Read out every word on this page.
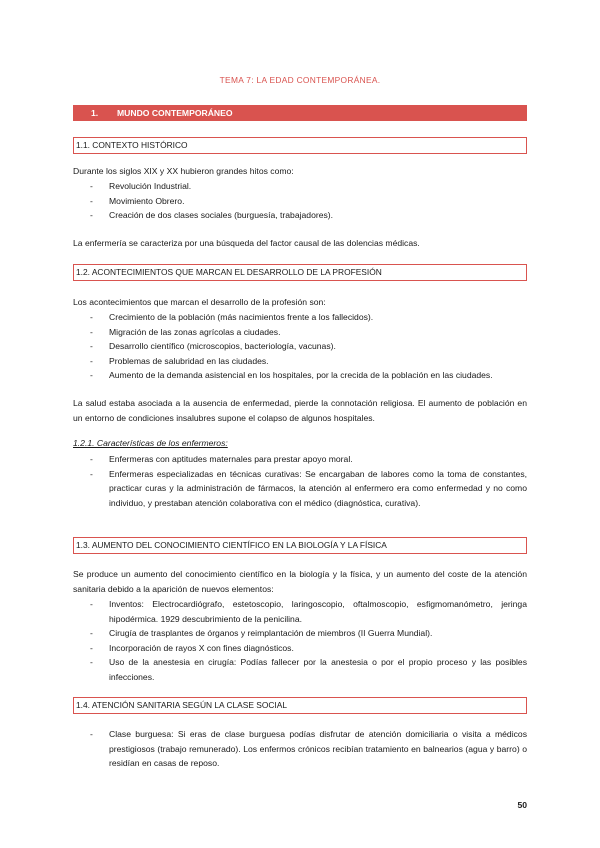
TEMA 7: LA EDAD CONTEMPORÁNEA.
1. MUNDO CONTEMPORÁNEO
1.1. CONTEXTO HISTÓRICO

Durante los siglos XIX y XX hubieron grandes hitos como:

- Revolución Industrial.
- Movimiento Obrero.
- Creación de dos clases sociales (burguesía, trabajadores).

La enfermería se caracteriza por una búsqueda del factor causal de las dolencias médicas.

1.2. ACONTECIMIENTOS QUE MARCAN EL DESARROLLO DE LA PROFESIÓN

Los acontecimientos que marcan el desarrollo de la profesión son:

- Crecimiento de la población (más nacimientos frente a los fallecidos).
- Migración de las zonas agrícolas a ciudades.
- Desarrollo científico (microscopios, bacteriología, vacunas).
- Problemas de salubridad en las ciudades.
- Aumento de la demanda asistencial en los hospitales, por la crecida de la población en las ciudades.

La salud estaba asociada a la ausencia de enfermedad, pierde la connotación religiosa. El aumento de población en un entorno de condiciones insalubres supone el colapso de algunos hospitales.

1.2.1. Características de los enfermeros:

- Enfermeras con aptitudes maternales para prestar apoyo moral.
- Enfermeras especializadas en técnicas curativas: Se encargaban de labores como la toma de constantes, practicar curas y la administración de fármacos, la atención al enfermero era como enfermedad y no como individuo, y prestaban atención colaborativa con el médico (diagnóstica, curativa).
1.3. AUMENTO DEL CONOCIMIENTO CIENTÍFICO EN LA BIOLOGÍA Y LA FÍSICA

Se produce un aumento del conocimiento científico en la biología y la física, y un aumento del coste de la atención sanitaria debido a la aparición de nuevos elementos:

- Inventos: Electrocardiógrafo, estetoscopio, laringoscopio, oftalmoscopio, esfigmomanómetro, jeringa hipodérmica. 1929 descubrimiento de la penicilina.
- Cirugía de trasplantes de órganos y reimplantación de miembros (II Guerra Mundial).
- Incorporación de rayos X con fines diagnósticos.
- Uso de la anestesia en cirugía: Podías fallecer por la anestesia o por el propio proceso y las posibles infecciones.
1.4. ATENCIÓN SANITARIA SEGÚN LA CLASE SOCIAL
- Clase burguesa: Si eras de clase burguesa podías disfrutar de atención domiciliaria o visita a médicos prestigiosos (trabajo remunerado). Los enfermos crónicos recibían tratamiento en balnearios (agua y barro) o residían en casas de reposo.
50
